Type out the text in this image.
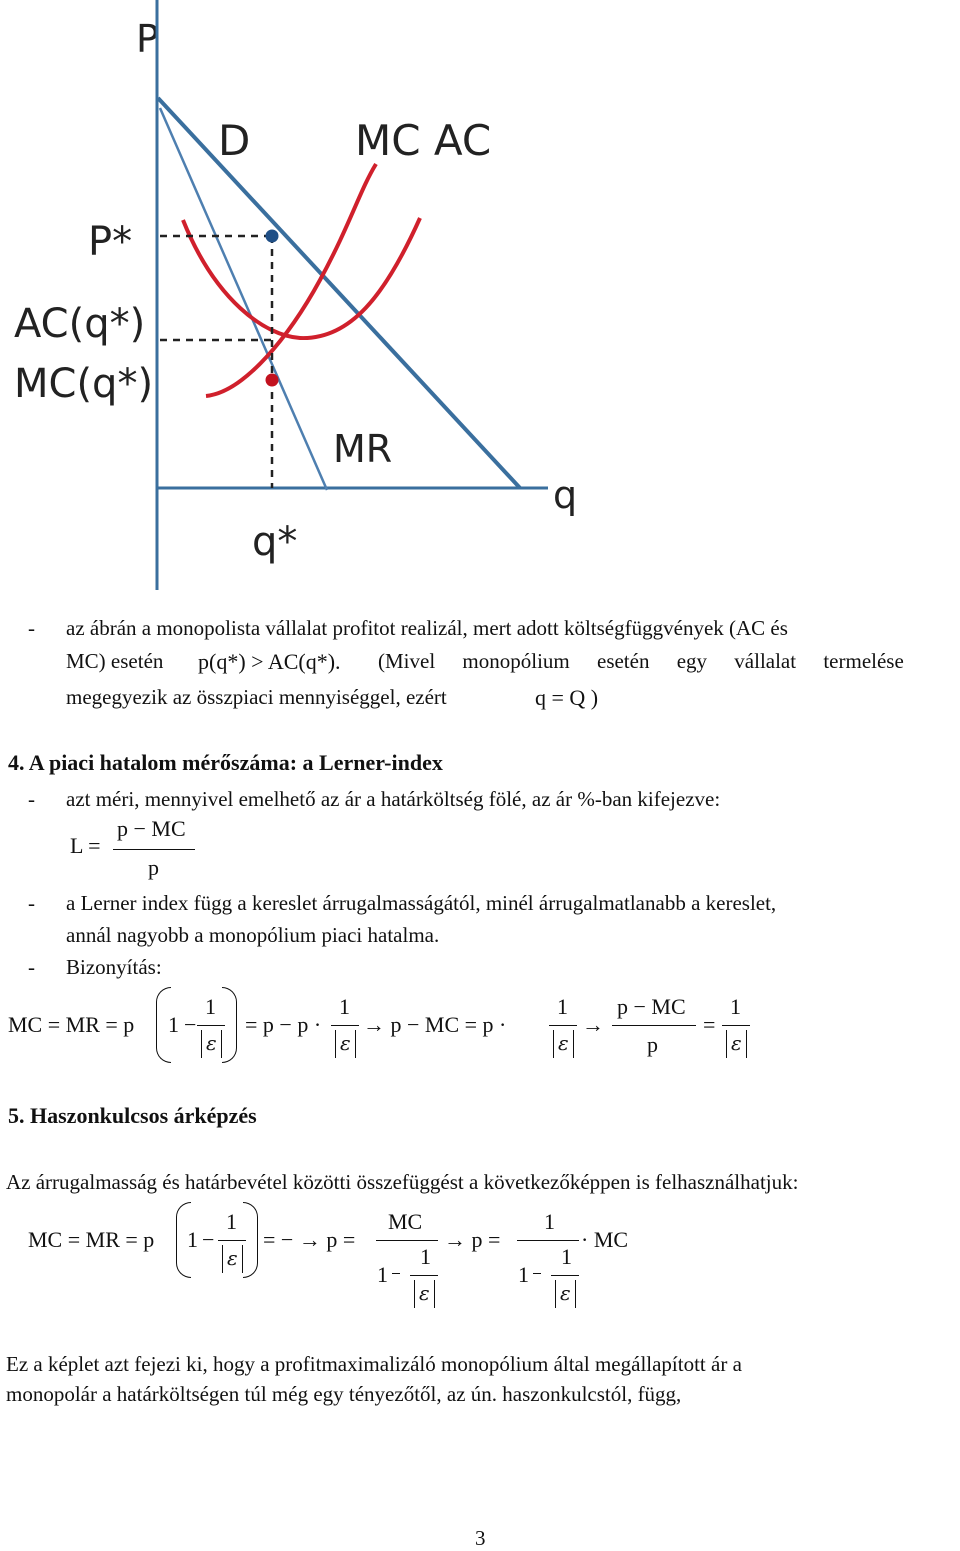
P
q
D MC AC
P*
AC(q*)
MC(q*)
MR
q*
- az ábrán a monopolista vállalat profitot realizál, mert adott költségfüggvények (AC és
MC) esetén p(q*) > AC(q*). (Mivel monopólium esetén egy vállalat termelése
megegyezik az összpiaci mennyiséggel, ezért	q = Q )
4. A piaci hatalom mérőszáma: a Lerner-index
- azt méri, mennyivel emelhető az ár a határköltség fölé, az ár %-ban kifejezve:
L =
p − MC
p
- a Lerner index függ a kereslet árrugalmasságától, minél árrugalmatlanabb a kereslet,
annál nagyobb a monopólium piaci hatalma.
- Bizonyítás:
MC = MR = p 1 −
1
ε
= p − p ·
1
ε
→ p − MC = p ·
1
ε
→
p − MC
p
=
1
ε
5. Haszonkulcsos árképzés
Az árrugalmasság és határbevétel közötti összefüggést a következőképpen is felhasználhatjuk:
MC = MR = p 1 −
1
ε
= − → p =
MC
1
1
ε
→ p =
1
1
1
ε
· MC
Ez a képlet azt fejezi ki, hogy a profitmaximalizáló monopólium által megállapított ár a
monopolár a határköltségen túl még egy tényezőtől, az ún. haszonkulcstól, függ,
3
